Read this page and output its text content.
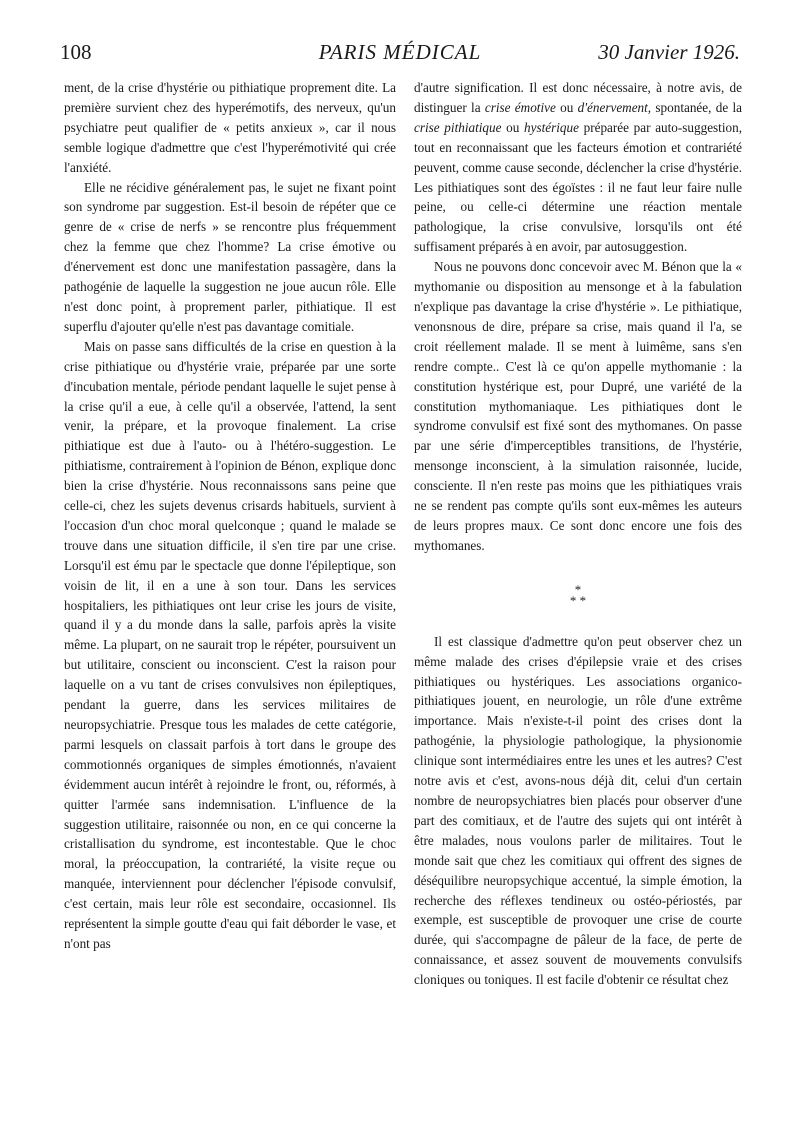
108	PARIS MÉDICAL	30 Janvier 1926.

ment, de la crise d'hystérie ou pithiatique proprement dite. La première survient chez des hyperémotifs, des nerveux, qu'un psychiatre peut qualifier de « petits anxieux », car il nous semble logique d'admettre que c'est l'hyperémotivité qui crée l'anxiété.

Elle ne récidive généralement pas, le sujet ne fixant point son syndrome par suggestion. Est-il besoin de répéter que ce genre de « crise de nerfs » se rencontre plus fréquemment chez la femme que chez l'homme? La crise émotive ou d'énervement est donc une manifestation passagère, dans la pathogénie de laquelle la suggestion ne joue aucun rôle. Elle n'est donc point, à proprement parler, pithiatique. Il est superflu d'ajouter qu'elle n'est pas davantage comitiale.

Mais on passe sans difficultés de la crise en question à la crise pithiatique ou d'hystérie vraie, préparée par une sorte d'incubation mentale, période pendant laquelle le sujet pense à la crise qu'il a eue, à celle qu'il a observée, l'attend, la sent venir, la prépare, et la provoque finalement. La crise pithiatique est due à l'auto- ou à l'hétéro-suggestion. Le pithiatisme, contrairement à l'opinion de Bénon, explique donc bien la crise d'hystérie. Nous reconnaissons sans peine que celle-ci, chez les sujets devenus crisards habituels, survient à l'occasion d'un choc moral quelconque ; quand le malade se trouve dans une situation difficile, il s'en tire par une crise. Lorsqu'il est ému par le spectacle que donne l'épileptique, son voisin de lit, il en a une à son tour. Dans les services hospitaliers, les pithiatiques ont leur crise les jours de visite, quand il y a du monde dans la salle, parfois après la visite même. La plupart, on ne saurait trop le répéter, poursuivent un but utilitaire, conscient ou inconscient. C'est la raison pour laquelle on a vu tant de crises convulsives non épileptiques, pendant la guerre, dans les services militaires de neuropsychiatrie. Presque tous les malades de cette catégorie, parmi lesquels on classait parfois à tort dans le groupe des commotionnés organiques de simples émotionnés, n'avaient évidemment aucun intérêt à rejoindre le front, ou, réformés, à quitter l'armée sans indemnisation. L'influence de la suggestion utilitaire, raisonnée ou non, en ce qui concerne la cristallisation du syndrome, est incontestable. Que le choc moral, la préoccupation, la contrariété, la visite reçue ou manquée, interviennent pour déclencher l'épisode convulsif, c'est certain, mais leur rôle est secondaire, occasionnel. Ils représentent la simple goutte d'eau qui fait déborder le vase, et n'ont pas

d'autre signification. Il est donc nécessaire, à notre avis, de distinguer la crise émotive ou d'énervement, spontanée, de la crise pithiatique ou hystérique préparée par auto-suggestion, tout en reconnaissant que les facteurs émotion et contrariété peuvent, comme cause seconde, déclencher la crise d'hystérie. Les pithiatiques sont des égoïstes : il ne faut leur faire nulle peine, ou celle-ci détermine une réaction mentale pathologique, la crise convulsive, lorsqu'ils ont été suffisament préparés à en avoir, par autosuggestion.

Nous ne pouvons donc concevoir avec M. Bénon que la « mythomanie ou disposition au mensonge et à la fabulation n'explique pas davantage la crise d'hystérie ». Le pithiatique, venonsnous de dire, prépare sa crise, mais quand il l'a, se croit réellement malade. Il se ment à luimême, sans s'en rendre compte.. C'est là ce qu'on appelle mythomanie : la constitution hystérique est, pour Dupré, une variété de la constitution mythomaniaque. Les pithiatiques dont le syndrome convulsif est fixé sont des mythomanes. On passe par une série d'imperceptibles transitions, de l'hystérie, mensonge inconscient, à la simulation raisonnée, lucide, consciente. Il n'en reste pas moins que les pithiatiques vrais ne se rendent pas compte qu'ils sont eux-mêmes les auteurs de leurs propres maux. Ce sont donc encore une fois des mythomanes.

*
* *

Il est classique d'admettre qu'on peut observer chez un même malade des crises d'épilepsie vraie et des crises pithiatiques ou hystériques. Les associations organico-pithiatiques jouent, en neurologie, un rôle d'une extrême importance. Mais n'existe-t-il point des crises dont la pathogénie, la physiologie pathologique, la physionomie clinique sont intermédiaires entre les unes et les autres? C'est notre avis et c'est, avons-nous déjà dit, celui d'un certain nombre de neuropsychiatres bien placés pour observer d'une part des comitiaux, et de l'autre des sujets qui ont intérêt à être malades, nous voulons parler de militaires. Tout le monde sait que chez les comitiaux qui offrent des signes de déséquilibre neuropsychique accentué, la simple émotion, la recherche des réflexes tendineux ou ostéo-périostés, par exemple, est susceptible de provoquer une crise de courte durée, qui s'accompagne de pâleur de la face, de perte de connaissance, et assez souvent de mouvements convulsifs cloniques ou toniques. Il est facile d'obtenir ce résultat chez
